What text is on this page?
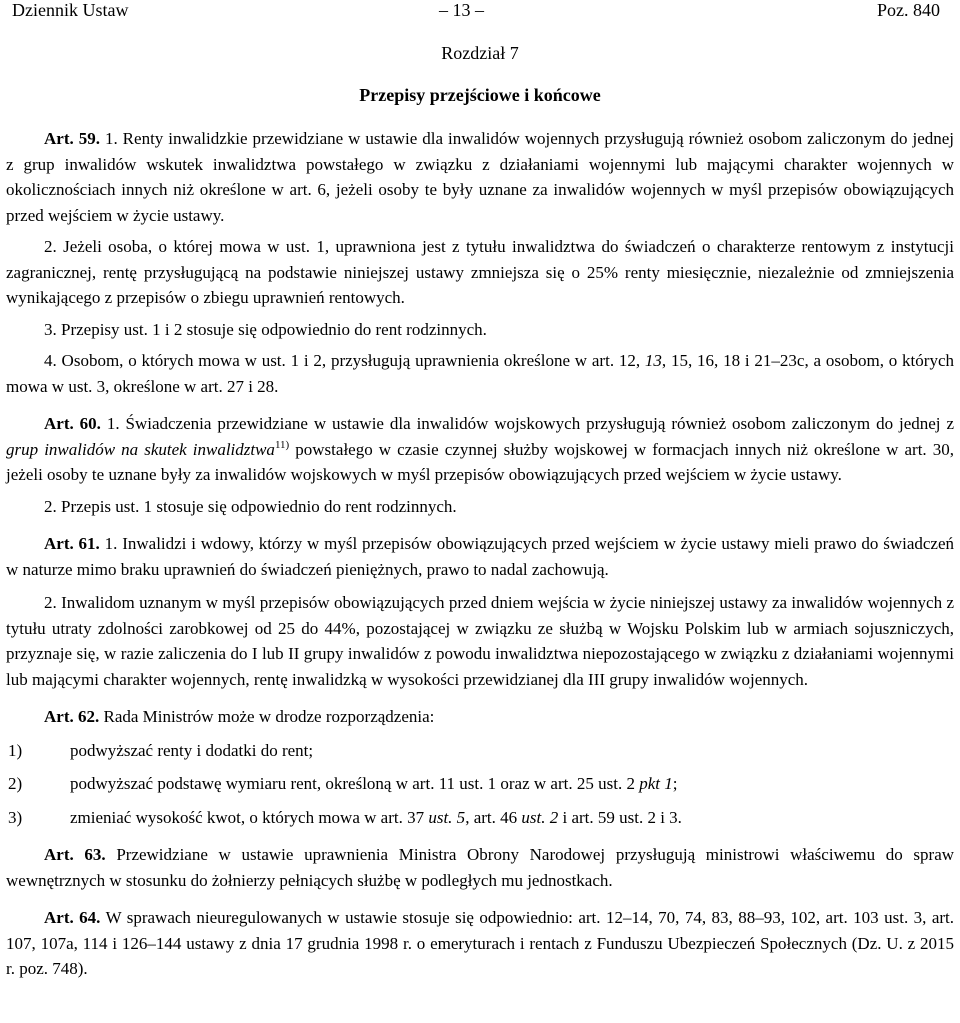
Dziennik Ustaw	– 13 –	Poz. 840
Rozdział 7
Przepisy przejściowe i końcowe

Art. 59. 1. Renty inwalidzkie przewidziane w ustawie dla inwalidów wojennych przysługują również osobom zaliczonym do jednej z grup inwalidów wskutek inwalidztwa powstałego w związku z działaniami wojennymi lub mającymi charakter wojennych w okolicznościach innych niż określone w art. 6, jeżeli osoby te były uznane za inwalidów wojennych w myśl przepisów obowiązujących przed wejściem w życie ustawy.

2. Jeżeli osoba, o której mowa w ust. 1, uprawniona jest z tytułu inwalidztwa do świadczeń o charakterze rentowym z instytucji zagranicznej, rentę przysługującą na podstawie niniejszej ustawy zmniejsza się o 25% renty miesięcznie, niezależnie od zmniejszenia wynikającego z przepisów o zbiegu uprawnień rentowych.

3. Przepisy ust. 1 i 2 stosuje się odpowiednio do rent rodzinnych.

4. Osobom, o których mowa w ust. 1 i 2, przysługują uprawnienia określone w art. 12, 13, 15, 16, 18 i 21–23c, a osobom, o których mowa w ust. 3, określone w art. 27 i 28.

Art. 60. 1. Świadczenia przewidziane w ustawie dla inwalidów wojskowych przysługują również osobom zaliczonym do jednej z grup inwalidów na skutek inwalidztwa$^{11)}$ powstałego w czasie czynnej służby wojskowej w formacjach innych niż określone w art. 30, jeżeli osoby te uznane były za inwalidów wojskowych w myśl przepisów obowiązujących przed wejściem w życie ustawy.

2. Przepis ust. 1 stosuje się odpowiednio do rent rodzinnych.

Art. 61. 1. Inwalidzi i wdowy, którzy w myśl przepisów obowiązujących przed wejściem w życie ustawy mieli prawo do świadczeń w naturze mimo braku uprawnień do świadczeń pieniężnych, prawo to nadal zachowują.

2. Inwalidom uznanym w myśl przepisów obowiązujących przed dniem wejścia w życie niniejszej ustawy za inwalidów wojennych z tytułu utraty zdolności zarobkowej od 25 do 44%, pozostającej w związku ze służbą w Wojsku Polskim lub w armiach sojuszniczych, przyznaje się, w razie zaliczenia do I lub II grupy inwalidów z powodu inwalidztwa niepozostającego w związku z działaniami wojennymi lub mającymi charakter wojennych, rentę inwalidzką w wysokości przewidzianej dla III grupy inwalidów wojennych.

Art. 62. Rada Ministrów może w drodze rozporządzenia:

1)	podwyższać renty i dodatki do rent;

2)	podwyższać podstawę wymiaru rent, określoną w art. 11 ust. 1 oraz w art. 25 ust. 2 pkt 1;

3)	zmieniać wysokość kwot, o których mowa w art. 37 ust. 5, art. 46 ust. 2 i art. 59 ust. 2 i 3.

Art. 63. Przewidziane w ustawie uprawnienia Ministra Obrony Narodowej przysługują ministrowi właściwemu do spraw wewnętrznych w stosunku do żołnierzy pełniących służbę w podległych mu jednostkach.

Art. 64. W sprawach nieuregulowanych w ustawie stosuje się odpowiednio: art. 12–14, 70, 74, 83, 88–93, 102, art. 103 ust. 3, art. 107, 107a, 114 i 126–144 ustawy z dnia 17 grudnia 1998 r. o emeryturach i rentach z Funduszu Ubezpieczeń Społecznych (Dz. U. z 2015 r. poz. 748).
